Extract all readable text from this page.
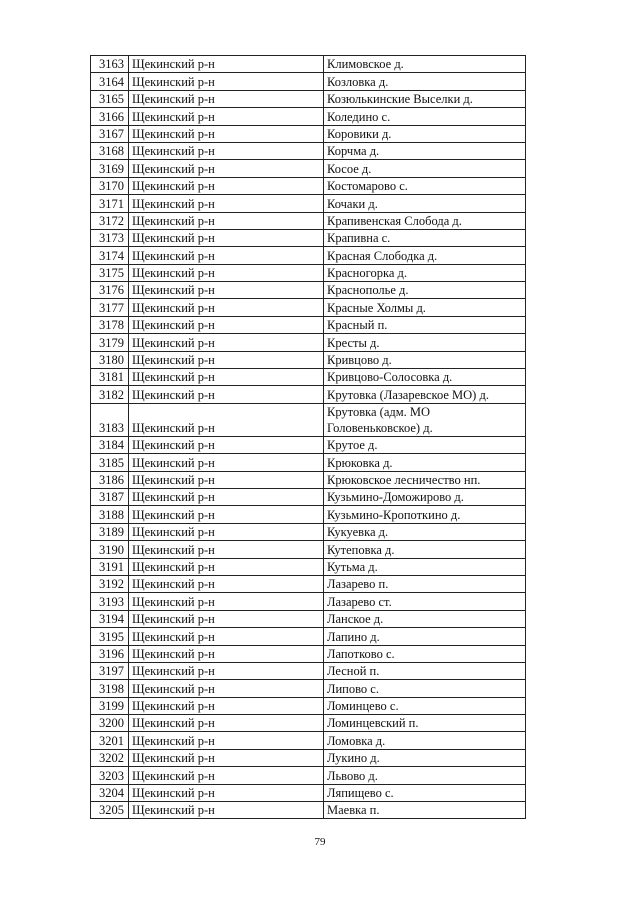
3163	Щекинский р-н	Климовское д.
3164	Щекинский р-н	Козловка д.
3165	Щекинский р-н	Козюлькинские Выселки д.
3166	Щекинский р-н	Коледино с.
3167	Щекинский р-н	Коровики д.
3168	Щекинский р-н	Корчма д.
3169	Щекинский р-н	Косое д.
3170	Щекинский р-н	Костомарово с.
3171	Щекинский р-н	Кочаки д.
3172	Щекинский р-н	Крапивенская Слобода д.
3173	Щекинский р-н	Крапивна с.
3174	Щекинский р-н	Красная Слободка д.
3175	Щекинский р-н	Красногорка д.
3176	Щекинский р-н	Краснополье д.
3177	Щекинский р-н	Красные Холмы д.
3178	Щекинский р-н	Красный п.
3179	Щекинский р-н	Кресты д.
3180	Щекинский р-н	Кривцово д.
3181	Щекинский р-н	Кривцово-Солосовка д.
3182	Щекинский р-н	Крутовка (Лазаревское МО) д.
3183	Щекинский р-н	Крутовка (адм. МО Головеньковское) д.
3184	Щекинский р-н	Крутое д.
3185	Щекинский р-н	Крюковка д.
3186	Щекинский р-н	Крюковское лесничество нп.
3187	Щекинский р-н	Кузьмино-Доможирово д.
3188	Щекинский р-н	Кузьмино-Кропоткино д.
3189	Щекинский р-н	Кукуевка д.
3190	Щекинский р-н	Кутеповка д.
3191	Щекинский р-н	Кутьма д.
3192	Щекинский р-н	Лазарево п.
3193	Щекинский р-н	Лазарево ст.
3194	Щекинский р-н	Ланское д.
3195	Щекинский р-н	Лапино д.
3196	Щекинский р-н	Лапотково с.
3197	Щекинский р-н	Лесной п.
3198	Щекинский р-н	Липово с.
3199	Щекинский р-н	Ломинцево с.
3200	Щекинский р-н	Ломинцевский п.
3201	Щекинский р-н	Ломовка д.
3202	Щекинский р-н	Лукино д.
3203	Щекинский р-н	Львово д.
3204	Щекинский р-н	Ляпищево с.
3205	Щекинский р-н	Маевка п.
79
